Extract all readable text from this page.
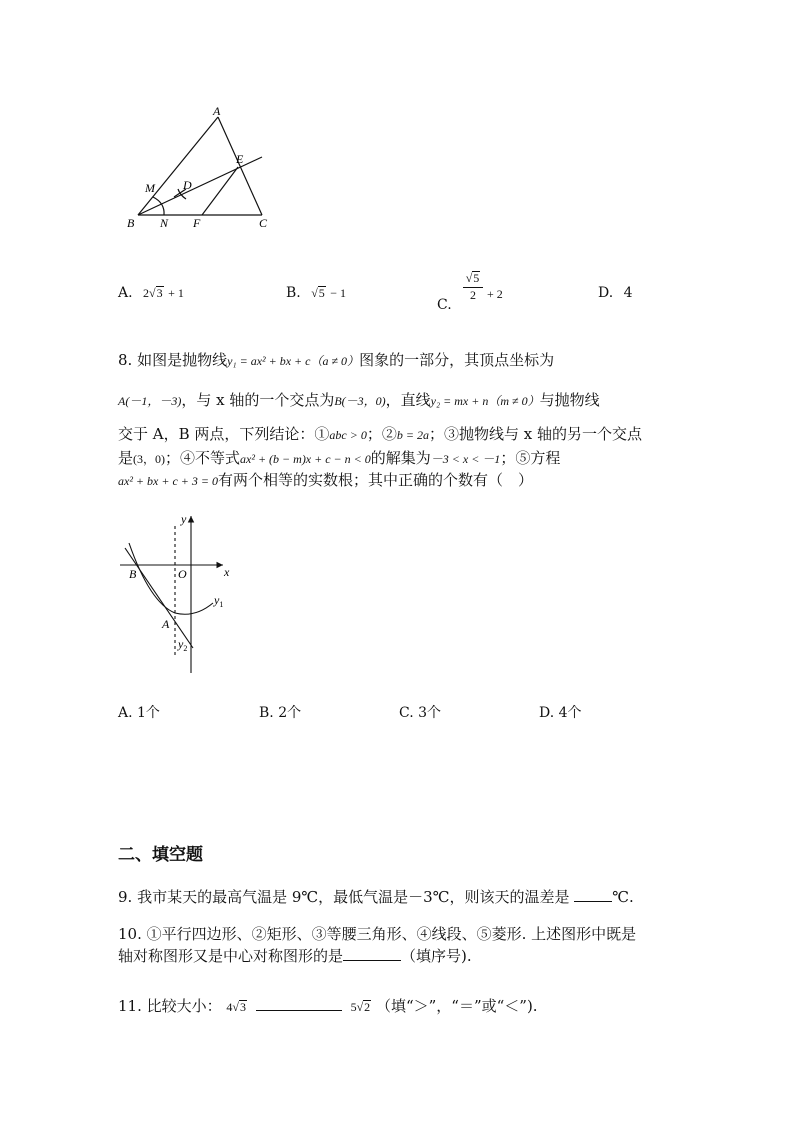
A
E
M D
B N F	C
A. 2√3 + 1	B. √5 − 1
C.
√5
2 + 2	D. 4
8. 如图是抛物线y₁ = ax² + bx + c（a ≠ 0）图象的一部分，其顶点坐标为
A(－1，－3)，与 x 轴的一个交点为B(－3，0)，直线y₂ = mx + n（m ≠ 0）与抛物线
交于 A，B 两点，下列结论：①abc > 0；②b = 2a；③抛物线与 x 轴的另一个交点
是(3，0)；④不等式ax² + (b − m)x + c − n < 0的解集为－3 < x < －1；⑤方程
ax² + bx + c + 3 = 0有两个相等的实数根；其中正确的个数有（　）
y
x
O
B
A
$y_1$
$y_2$
A. 1个	B. 2个	C. 3个	D. 4个
二、填空题
9. 我市某天的最高气温是 9℃，最低气温是－3℃，则该天的温差是	℃.
10. ①平行四边形、②矩形、③等腰三角形、④线段、⑤菱形. 上述图形中既是
轴对称图形又是中心对称图形的是	（填序号).
11. 比较大小： 4√3	5√2 （填“＞”，“＝”或“＜”).
